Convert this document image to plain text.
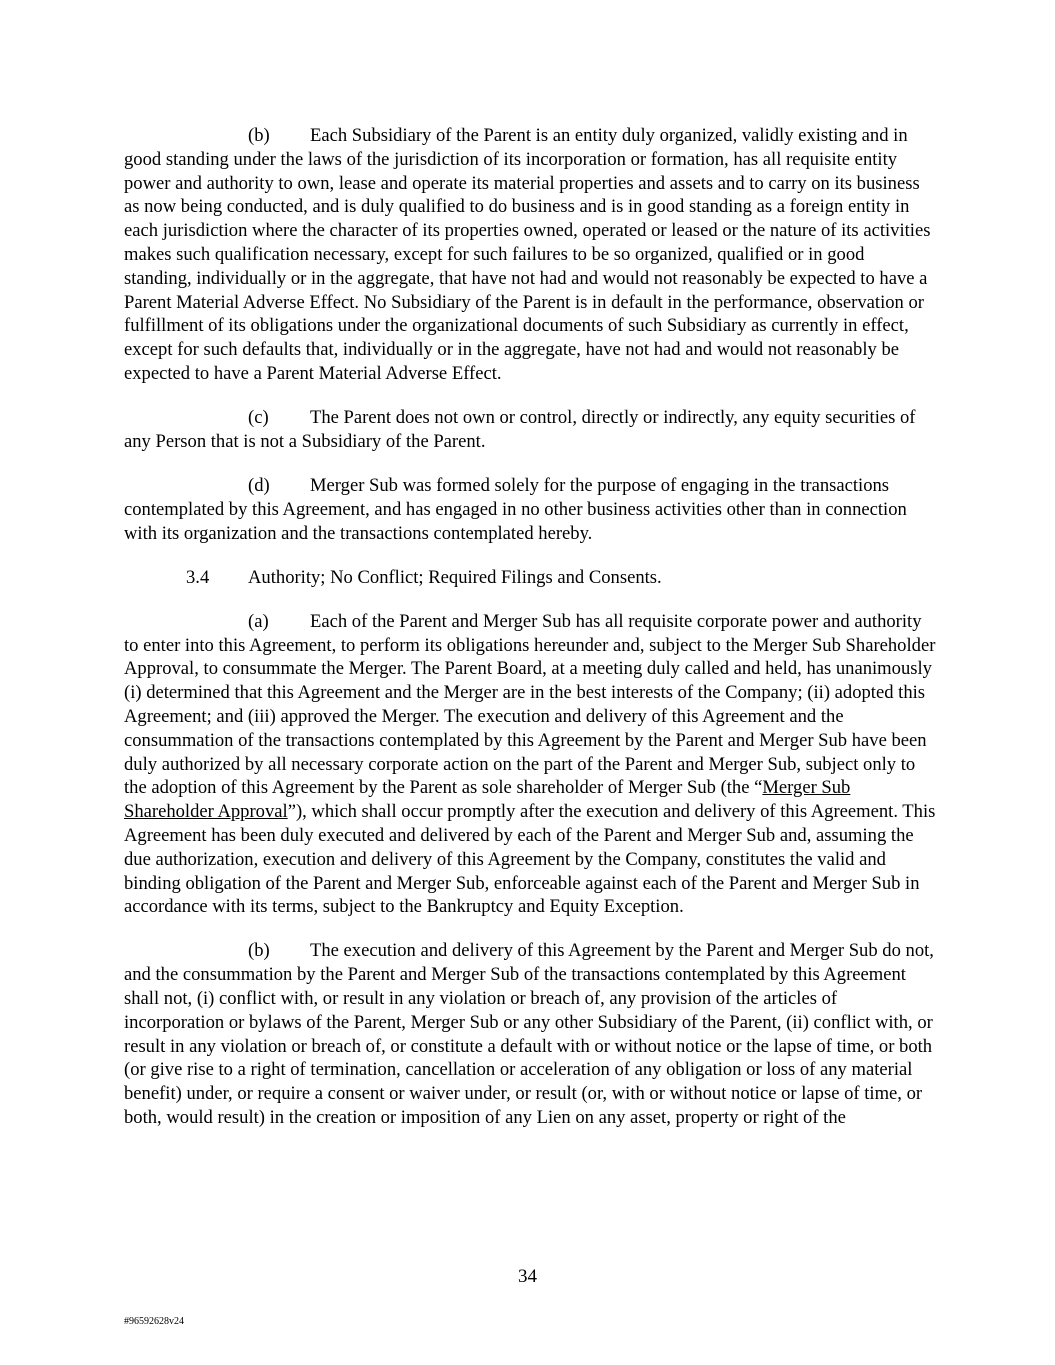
(b) Each Subsidiary of the Parent is an entity duly organized, validly existing and in good standing under the laws of the jurisdiction of its incorporation or formation, has all requisite entity power and authority to own, lease and operate its material properties and assets and to carry on its business as now being conducted, and is duly qualified to do business and is in good standing as a foreign entity in each jurisdiction where the character of its properties owned, operated or leased or the nature of its activities makes such qualification necessary, except for such failures to be so organized, qualified or in good standing, individually or in the aggregate, that have not had and would not reasonably be expected to have a Parent Material Adverse Effect. No Subsidiary of the Parent is in default in the performance, observation or fulfillment of its obligations under the organizational documents of such Subsidiary as currently in effect, except for such defaults that, individually or in the aggregate, have not had and would not reasonably be expected to have a Parent Material Adverse Effect.

(c) The Parent does not own or control, directly or indirectly, any equity securities of any Person that is not a Subsidiary of the Parent.

(d) Merger Sub was formed solely for the purpose of engaging in the transactions contemplated by this Agreement, and has engaged in no other business activities other than in connection with its organization and the transactions contemplated hereby.

3.4 Authority; No Conflict; Required Filings and Consents.

(a) Each of the Parent and Merger Sub has all requisite corporate power and authority to enter into this Agreement, to perform its obligations hereunder and, subject to the Merger Sub Shareholder Approval, to consummate the Merger. The Parent Board, at a meeting duly called and held, has unanimously (i) determined that this Agreement and the Merger are in the best interests of the Company; (ii) adopted this Agreement; and (iii) approved the Merger. The execution and delivery of this Agreement and the consummation of the transactions contemplated by this Agreement by the Parent and Merger Sub have been duly authorized by all necessary corporate action on the part of the Parent and Merger Sub, subject only to the adoption of this Agreement by the Parent as sole shareholder of Merger Sub (the “Merger Sub Shareholder Approval”), which shall occur promptly after the execution and delivery of this Agreement. This Agreement has been duly executed and delivered by each of the Parent and Merger Sub and, assuming the due authorization, execution and delivery of this Agreement by the Company, constitutes the valid and binding obligation of the Parent and Merger Sub, enforceable against each of the Parent and Merger Sub in accordance with its terms, subject to the Bankruptcy and Equity Exception.

(b) The execution and delivery of this Agreement by the Parent and Merger Sub do not, and the consummation by the Parent and Merger Sub of the transactions contemplated by this Agreement shall not, (i) conflict with, or result in any violation or breach of, any provision of the articles of incorporation or bylaws of the Parent, Merger Sub or any other Subsidiary of the Parent, (ii) conflict with, or result in any violation or breach of, or constitute a default with or without notice or the lapse of time, or both (or give rise to a right of termination, cancellation or acceleration of any obligation or loss of any material benefit) under, or require a consent or waiver under, or result (or, with or without notice or lapse of time, or both, would result) in the creation or imposition of any Lien on any asset, property or right of the

34
#96592628v24
